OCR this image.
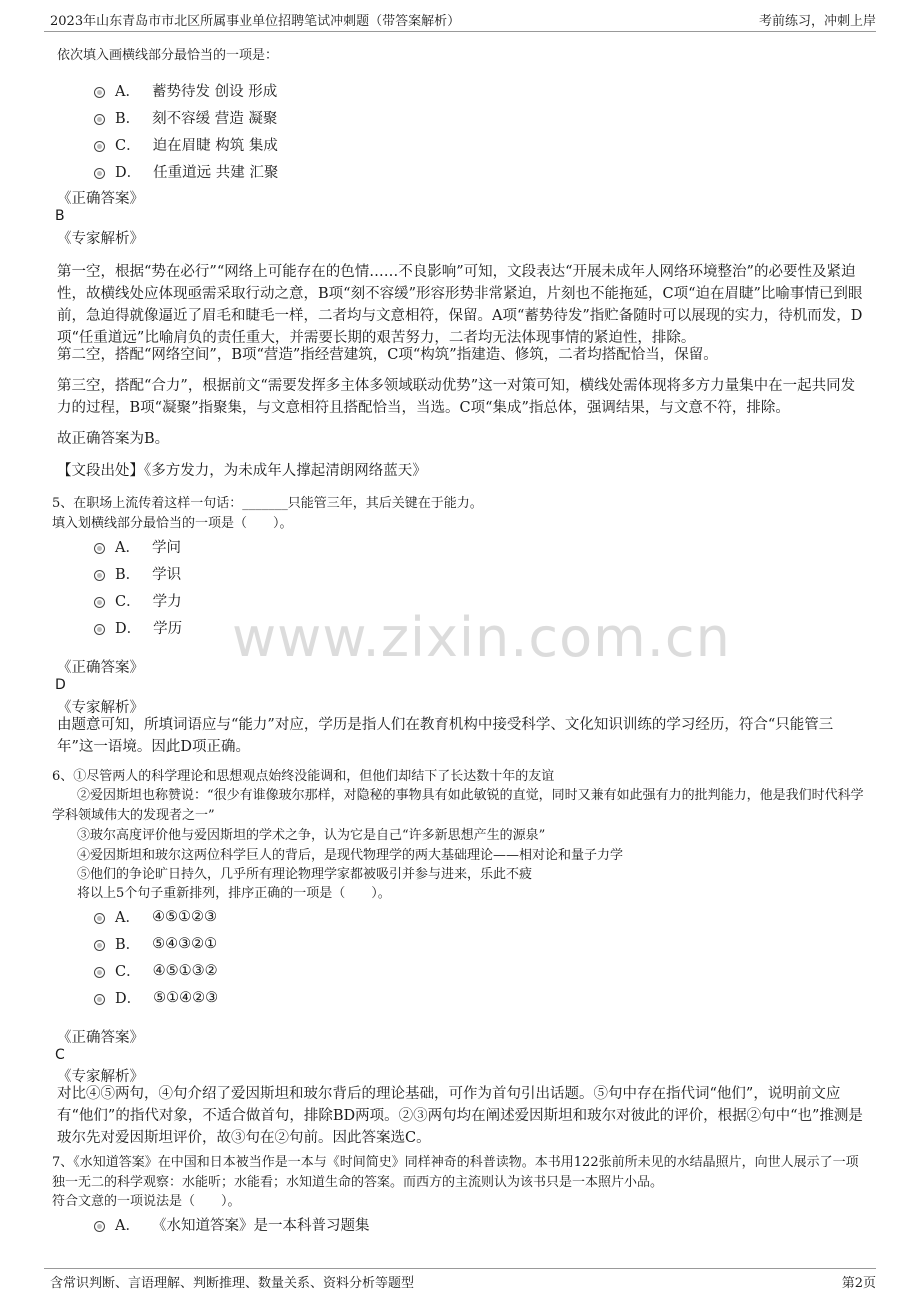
2023年山东青岛市市北区所属事业单位招聘笔试冲刺题（带答案解析）	考前练习，冲刺上岸
www.zixin.com.cn
依次填入画横线部分最恰当的一项是：
A． 蓄势待发 创设 形成
B． 刻不容缓 营造 凝聚
C． 迫在眉睫 构筑 集成
D． 任重道远 共建 汇聚
《正确答案》
B
《专家解析》
第一空，根据“势在必行”“网络上可能存在的色情……不良影响”可知，文段表达“开展未成年人网络环境整治”的必要性及紧迫性，故横线处应体现亟需采取行动之意，B项“刻不容缓”形容形势非常紧迫，片刻也不能拖延，C项“迫在眉睫”比喻事情已到眼前，急迫得就像逼近了眉毛和睫毛一样，二者均与文意相符，保留。A项“蓄势待发”指贮备随时可以展现的实力，待机而发，D项“任重道远”比喻肩负的责任重大，并需要长期的艰苦努力，二者均无法体现事情的紧迫性，排除。
第二空，搭配“网络空间”，B项“营造”指经营建筑，C项“构筑”指建造、修筑，二者均搭配恰当，保留。
第三空，搭配“合力”，根据前文“需要发挥多主体多领域联动优势”这一对策可知，横线处需体现将多方力量集中在一起共同发力的过程，B项“凝聚”指聚集，与文意相符且搭配恰当，当选。C项“集成”指总体，强调结果，与文意不符，排除。
故正确答案为B。
【文段出处】《多方发力，为未成年人撑起清朗网络蓝天》
5、在职场上流传着这样一句话：_______只能管三年，其后关键在于能力。
填入划横线部分最恰当的一项是（　　）。
A． 学问
B． 学识
C． 学力
D． 学历
《正确答案》
D
《专家解析》
由题意可知，所填词语应与“能力”对应，学历是指人们在教育机构中接受科学、文化知识训练的学习经历，符合“只能管三年”这一语境。因此D项正确。
6、①尽管两人的科学理论和思想观点始终没能调和，但他们却结下了长达数十年的友谊
②爱因斯坦也称赞说：“很少有谁像玻尔那样，对隐秘的事物具有如此敏锐的直觉，同时又兼有如此强有力的批判能力，他是我们时代科学学科领域伟大的发现者之一”
③玻尔高度评价他与爱因斯坦的学术之争，认为它是自己“许多新思想产生的源泉”
④爱因斯坦和玻尔这两位科学巨人的背后，是现代物理学的两大基础理论——相对论和量子力学
⑤他们的争论旷日持久，几乎所有理论物理学家都被吸引并参与进来，乐此不疲
将以上5个句子重新排列，排序正确的一项是（　　）。
A． ④⑤①②③
B． ⑤④③②①
C． ④⑤①③②
D． ⑤①④②③
《正确答案》
C
《专家解析》
对比④⑤两句，④句介绍了爱因斯坦和玻尔背后的理论基础，可作为首句引出话题。⑤句中存在指代词“他们”，说明前文应有“他们”的指代对象，不适合做首句，排除BD两项。②③两句均在阐述爱因斯坦和玻尔对彼此的评价，根据②句中“也”推测是玻尔先对爱因斯坦评价，故③句在②句前。因此答案选C。
7、《水知道答案》在中国和日本被当作是一本与《时间简史》同样神奇的科普读物。本书用122张前所未见的水结晶照片，向世人展示了一项独一无二的科学观察：水能听；水能看；水知道生命的答案。而西方的主流则认为该书只是一本照片小品。
符合文意的一项说法是（　　）。
A． 《水知道答案》是一本科普习题集
含常识判断、言语理解、判断推理、数量关系、资料分析等题型	第2页
